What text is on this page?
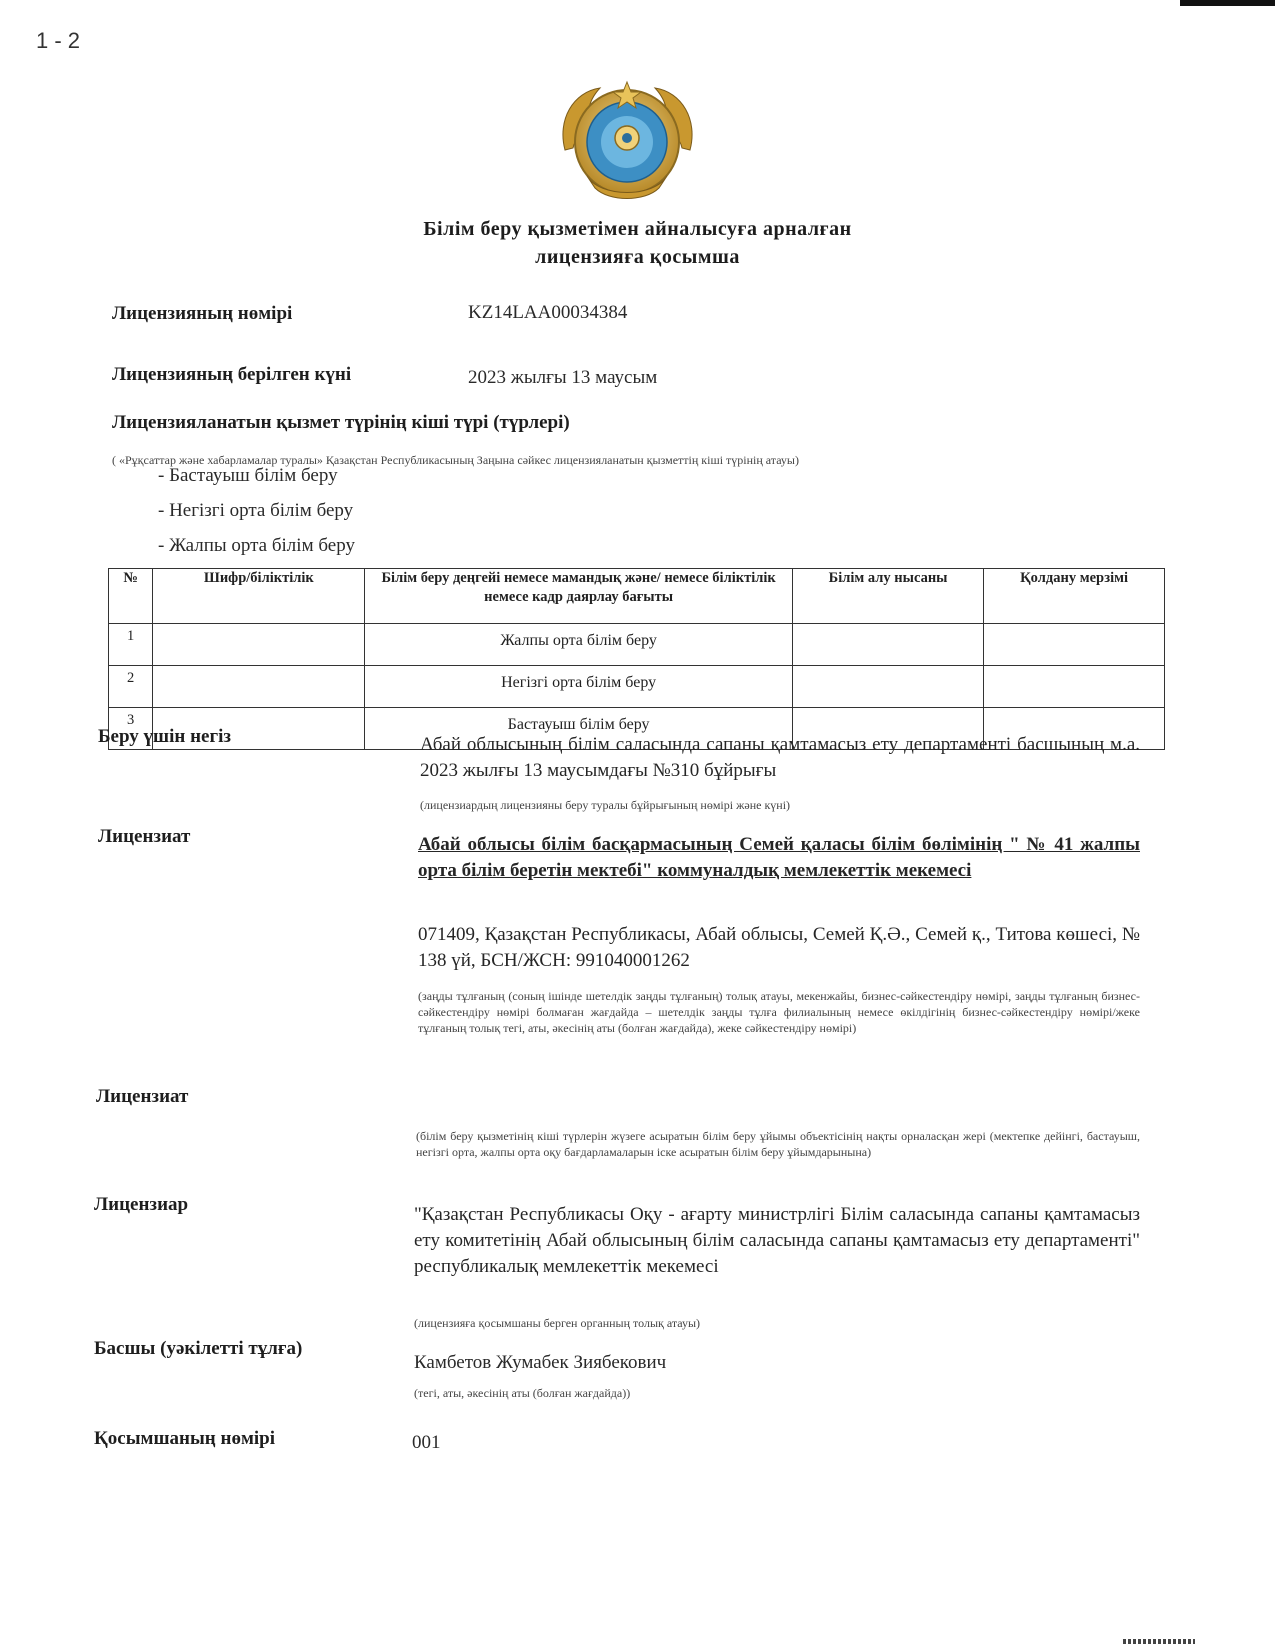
1 - 2
Білім беру қызметімен айналысуға арналған
лицензияға қосымша
Лицензияның нөмірі	KZ14LAA00034384
Лицензияның берілген күні	2023 жылғы 13 маусым
Лицензияланатын қызмет түрінің кіші түрі (түрлері)
( «Рұқсаттар және хабарламалар туралы» Қазақстан Республикасының Заңына сәйкес лицензияланатын қызметтің кіші түрінің атауы)
- Бастауыш білім беру
- Негізгі орта білім беру
- Жалпы орта білім беру
№	Шифр/біліктілік	Білім беру деңгейі немесе мамандық және/ немесе біліктілік немесе кадр даярлау бағыты	Білім алу нысаны	Қолдану мерзімі
1		Жалпы орта білім беру		
2		Негізгі орта білім беру		
3		Бастауыш білім беру		
Беру үшін негіз	Абай облысының білім саласында сапаны қамтамасыз ету департаменті басшының м.а. 2023 жылғы 13 маусымдағы №310 бұйрығы
(лицензиардың лицензияны беру туралы бұйрығының нөмірі және күні)
Лицензиат	Абай облысы білім басқармасының Семей қаласы білім бөлімінің " № 41 жалпы орта білім беретін мектебі" коммуналдық мемлекеттік мекемесі
071409, Қазақстан Республикасы, Абай облысы, Семей Қ.Ә., Семей қ., Титова көшесі, № 138 үй, БСН/ЖСН: 991040001262
(заңды тұлғаның (соның ішінде шетелдік заңды тұлғаның) толық атауы, мекенжайы, бизнес-сәйкестендіру нөмірі, заңды тұлғаның бизнес-сәйкестендіру нөмірі болмаған жағдайда – шетелдік заңды тұлға филиалының немесе өкілдігінің бизнес-сәйкестендіру нөмірі/жеке тұлғаның толық тегі, аты, әкесінің аты (болған жағдайда), жеке сәйкестендіру нөмірі)
Лицензиат
(білім беру қызметінің кіші түрлерін жүзеге асыратын білім беру ұйымы объектісінің нақты орналасқан жері (мектепке дейінгі, бастауыш, негізгі орта, жалпы орта оқу бағдарламаларын іске асыратын білім беру ұйымдарынына)
Лицензиар	"Қазақстан Республикасы Оқу - ағарту министрлігі Білім саласында сапаны қамтамасыз ету комитетінің Абай облысының білім саласында сапаны қамтамасыз ету департаменті" республикалық мемлекеттік мекемесі
(лицензияға қосымшаны берген органның толық атауы)
Басшы (уәкілетті тұлға)
Камбетов Жумабек Зиябекович
(тегі, аты, әкесінің аты (болған жағдайда))
Қосымшаның нөмірі	001
